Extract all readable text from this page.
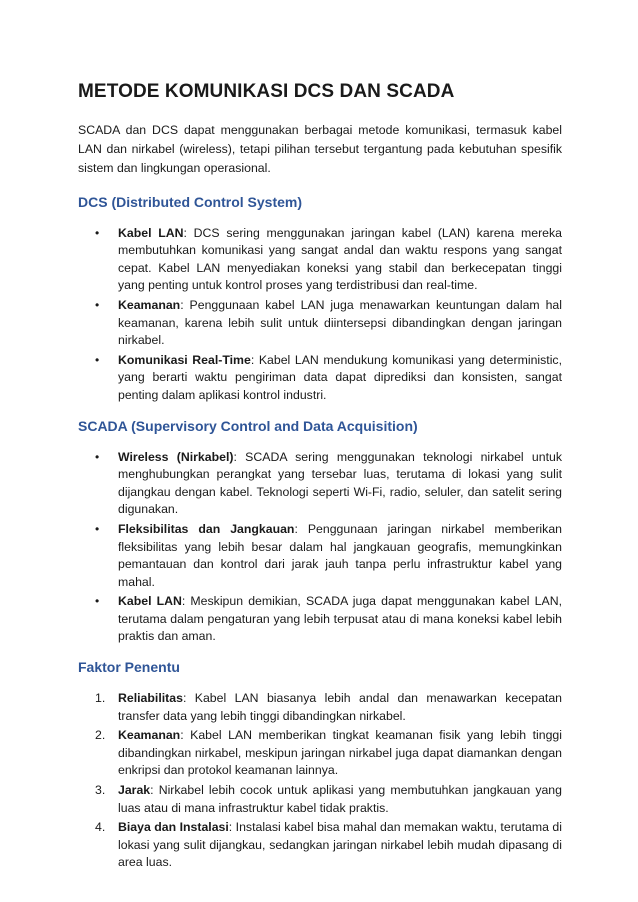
METODE KOMUNIKASI DCS DAN SCADA

SCADA dan DCS dapat menggunakan berbagai metode komunikasi, termasuk kabel LAN dan nirkabel (wireless), tetapi pilihan tersebut tergantung pada kebutuhan spesifik sistem dan lingkungan operasional.

DCS (Distributed Control System)
•	Kabel LAN: DCS sering menggunakan jaringan kabel (LAN) karena mereka membutuhkan komunikasi yang sangat andal dan waktu respons yang sangat cepat. Kabel LAN menyediakan koneksi yang stabil dan berkecepatan tinggi yang penting untuk kontrol proses yang terdistribusi dan real-time.
•	Keamanan: Penggunaan kabel LAN juga menawarkan keuntungan dalam hal keamanan, karena lebih sulit untuk diintersepsi dibandingkan dengan jaringan nirkabel.
•	Komunikasi Real-Time: Kabel LAN mendukung komunikasi yang deterministic, yang berarti waktu pengiriman data dapat diprediksi dan konsisten, sangat penting dalam aplikasi kontrol industri.
SCADA (Supervisory Control and Data Acquisition)
•	Wireless (Nirkabel): SCADA sering menggunakan teknologi nirkabel untuk menghubungkan perangkat yang tersebar luas, terutama di lokasi yang sulit dijangkau dengan kabel. Teknologi seperti Wi-Fi, radio, seluler, dan satelit sering digunakan.
•	Fleksibilitas dan Jangkauan: Penggunaan jaringan nirkabel memberikan fleksibilitas yang lebih besar dalam hal jangkauan geografis, memungkinkan pemantauan dan kontrol dari jarak jauh tanpa perlu infrastruktur kabel yang mahal.
•	Kabel LAN: Meskipun demikian, SCADA juga dapat menggunakan kabel LAN, terutama dalam pengaturan yang lebih terpusat atau di mana koneksi kabel lebih praktis dan aman.
Faktor Penentu
1.	Reliabilitas: Kabel LAN biasanya lebih andal dan menawarkan kecepatan transfer data yang lebih tinggi dibandingkan nirkabel.
2.	Keamanan: Kabel LAN memberikan tingkat keamanan fisik yang lebih tinggi dibandingkan nirkabel, meskipun jaringan nirkabel juga dapat diamankan dengan enkripsi dan protokol keamanan lainnya.
3.	Jarak: Nirkabel lebih cocok untuk aplikasi yang membutuhkan jangkauan yang luas atau di mana infrastruktur kabel tidak praktis.
4.	Biaya dan Instalasi: Instalasi kabel bisa mahal dan memakan waktu, terutama di lokasi yang sulit dijangkau, sedangkan jaringan nirkabel lebih mudah dipasang di area luas.
